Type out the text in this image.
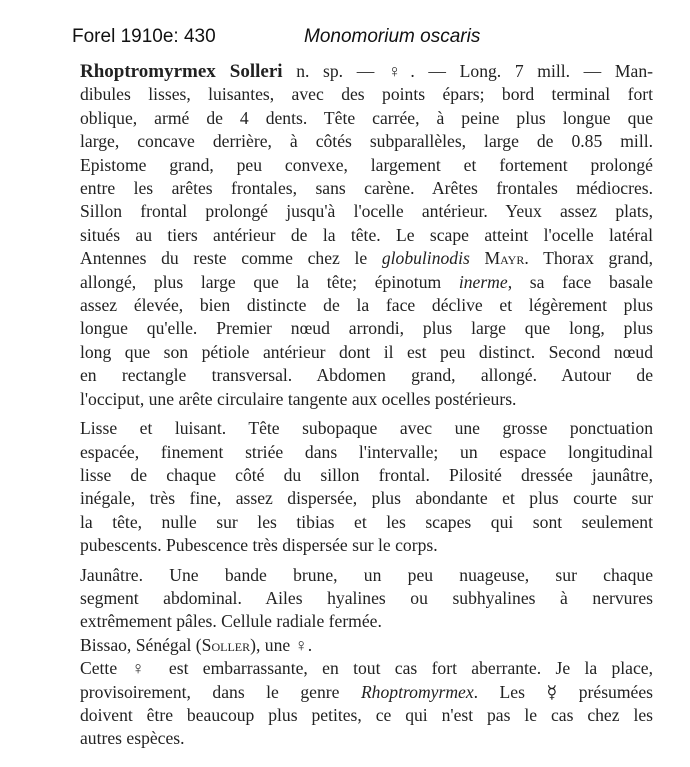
Forel 1910e: 430	Monomorium oscaris

Rhoptromyrmex Solleri n. sp. — ♀. — Long. 7 mill. — Man-
dibules lisses, luisantes, avec des points épars; bord terminal fort
oblique, armé de 4 dents. Tête carrée, à peine plus longue que
large, concave derrière, à côtés subparallèles, large de 0.85 mill.
Epistome grand, peu convexe, largement et fortement prolongé
entre les arêtes frontales, sans carène. Arêtes frontales médiocres.
Sillon frontal prolongé jusqu'à l'ocelle antérieur. Yeux assez plats,
situés au tiers antérieur de la tête. Le scape atteint l'ocelle latéral
Antennes du reste comme chez le globulinodis Mayr. Thorax grand,
allongé, plus large que la tête; épinotum inerme, sa face basale
assez élevée, bien distincte de la face déclive et légèrement plus
longue qu'elle. Premier nœud arrondi, plus large que long, plus
long que son pétiole antérieur dont il est peu distinct. Second nœud
en rectangle transversal. Abdomen grand, allongé. Autour de
l'occiput, une arête circulaire tangente aux ocelles postérieurs.

Lisse et luisant. Tête subopaque avec une grosse ponctuation
espacée, finement striée dans l'intervalle; un espace longitudinal
lisse de chaque côté du sillon frontal. Pilosité dressée jaunâtre,
inégale, très fine, assez dispersée, plus abondante et plus courte sur
la tête, nulle sur les tibias et les scapes qui sont seulement
pubescents. Pubescence très dispersée sur le corps.

Jaunâtre. Une bande brune, un peu nuageuse, sur chaque
segment abdominal. Ailes hyalines ou subhyalines à nervures
extrêmement pâles. Cellule radiale fermée.

Bissao, Sénégal (Soller), une ♀.

Cette ♀ est embarrassante, en tout cas fort aberrante. Je la place,
provisoirement, dans le genre Rhoptromyrmex. Les ☿ présumées
doivent être beaucoup plus petites, ce qui n'est pas le cas chez les
autres espèces.
